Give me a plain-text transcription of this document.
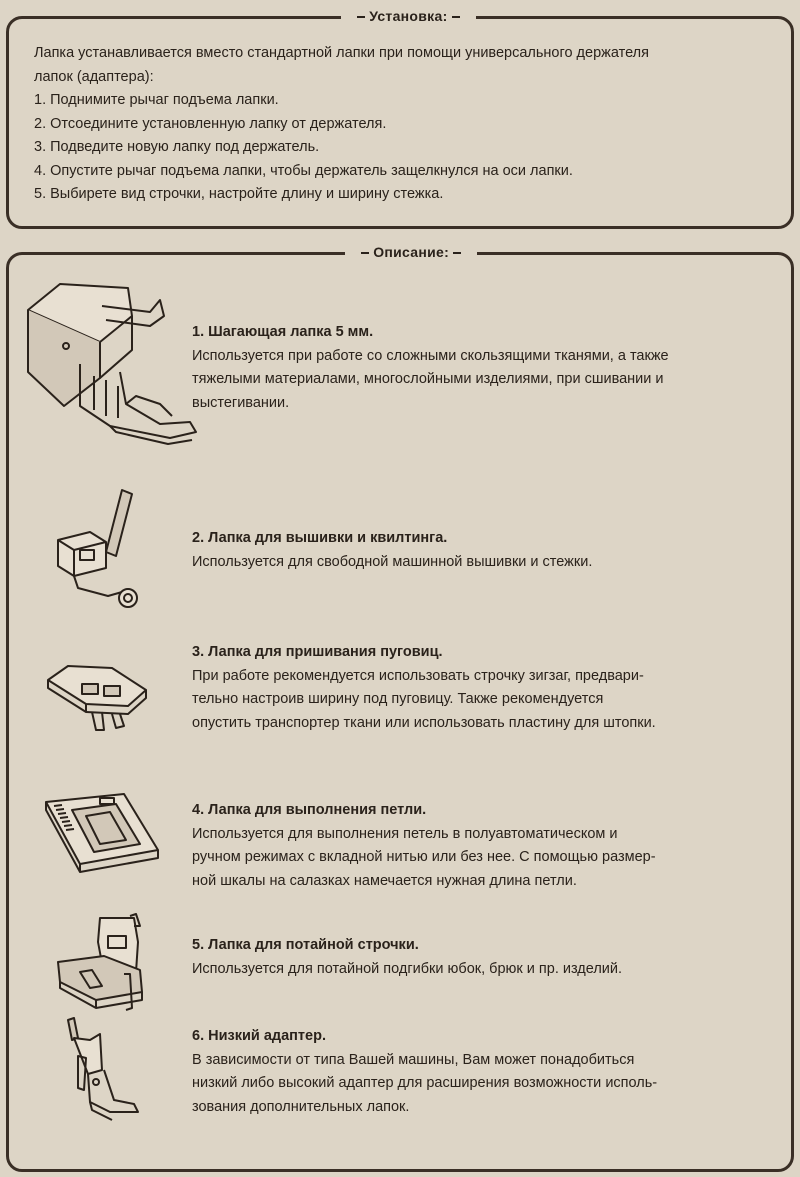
Установка:

Лапка устанавливается вместо стандартной лапки при помощи универсального держателя

лапок (адаптера):

1. Поднимите рычаг подъема лапки.

2. Отсоедините установленную лапку от держателя.

3. Подведите новую лапку под держатель.

4. Опустите рычаг подъема лапки, чтобы держатель защелкнулся на оси лапки.

5. Выбирете вид строчки, настройте длину и ширину стежка.

Описание:

1. Шагающая лапка 5 мм.

Используется при работе со сложными скользящими тканями, а также

тяжелыми материалами, многослойными изделиями, при сшивании и

выстегивании.

2. Лапка для вышивки и квилтинга.

Используется для свободной машинной вышивки и стежки.

3. Лапка для пришивания пуговиц.

При работе рекомендуется использовать строчку зигзаг, предвари-

тельно настроив ширину под пуговицу. Также рекомендуется

опустить транспортер ткани или использовать пластину для штопки.

4. Лапка для выполнения петли.

Используется для выполнения петель в полуавтоматическом и

ручном режимах с вкладной нитью или без нее. С помощью размер-

ной шкалы на салазках намечается нужная длина петли.

5. Лапка для потайной строчки.

Используется для потайной подгибки юбок, брюк и пр. изделий.

6. Низкий адаптер.

В зависимости от типа Вашей машины, Вам может понадобиться

низкий либо высокий адаптер для расширения возможности исполь-

зования дополнительных лапок.
